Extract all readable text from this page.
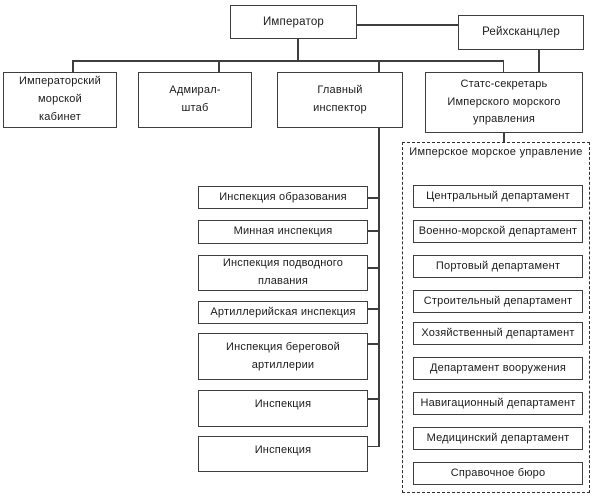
Император
Рейхсканцлер
Императорский
морской
кабинет
Адмирал-
штаб
Главный
инспектор
Статс-секретарь
Имперского морского
управления
Инспекция образования
Минная инспекция
Инспекция подводного
плавания
Артиллерийская инспекция
Инспекция береговой
артиллерии
Инспекция
Инспекция
Имперское морское управление
Центральный департамент
Военно-морской департамент
Портовый департамент
Строительный департамент
Хозяйственный департамент
Департамент вооружения
Навигационный департамент
Медицинский департамент
Справочное бюро
